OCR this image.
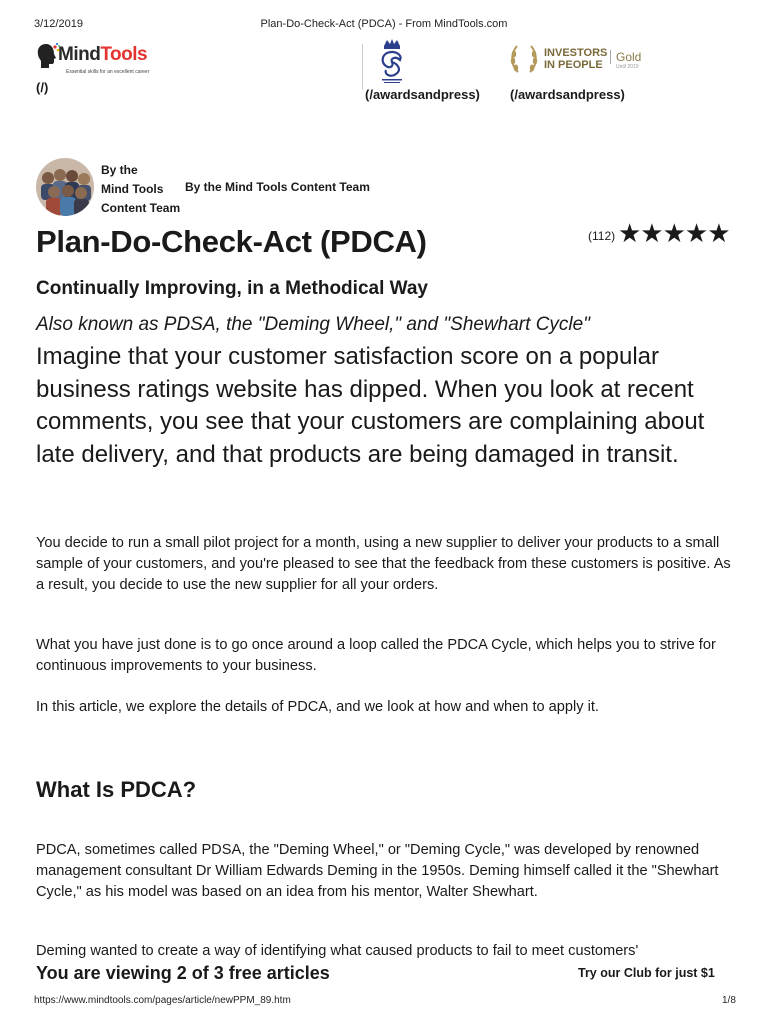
3/12/2019	Plan-Do-Check-Act (PDCA) - From MindTools.com
MindTools
Essential skills for an excellent career
(/)
INVESTORS
IN PEOPLE
Gold
Until 2019
(/awardsandpress) (/awardsandpress)
By the
Mind Tools
Content Team
By the Mind Tools Content Team
Plan-Do-Check-Act (PDCA)	(112) ★★★★★
Continually Improving, in a Methodical Way
Also known as PDSA, the "Deming Wheel," and "Shewhart Cycle"
Imagine that your customer satisfaction score on a popular business ratings website has dipped. When you look at recent comments, you see that your customers are complaining about late delivery, and that products are being damaged in transit.
You decide to run a small pilot project for a month, using a new supplier to deliver your products to a small sample of your customers, and you're pleased to see that the feedback from these customers is positive. As a result, you decide to use the new supplier for all your orders.
What you have just done is to go once around a loop called the PDCA Cycle, which helps you to strive for continuous improvements to your business.
In this article, we explore the details of PDCA, and we look at how and when to apply it.
What Is PDCA?
PDCA, sometimes called PDSA, the "Deming Wheel," or "Deming Cycle," was developed by renowned management consultant Dr William Edwards Deming in the 1950s. Deming himself called it the "Shewhart Cycle," as his model was based on an idea from his mentor, Walter Shewhart.
Deming wanted to create a way of identifying what caused products to fail to meet customers'
You are viewing 2 of 3 free articles	Try our Club for just $1
https://www.mindtools.com/pages/article/newPPM_89.htm	1/8
